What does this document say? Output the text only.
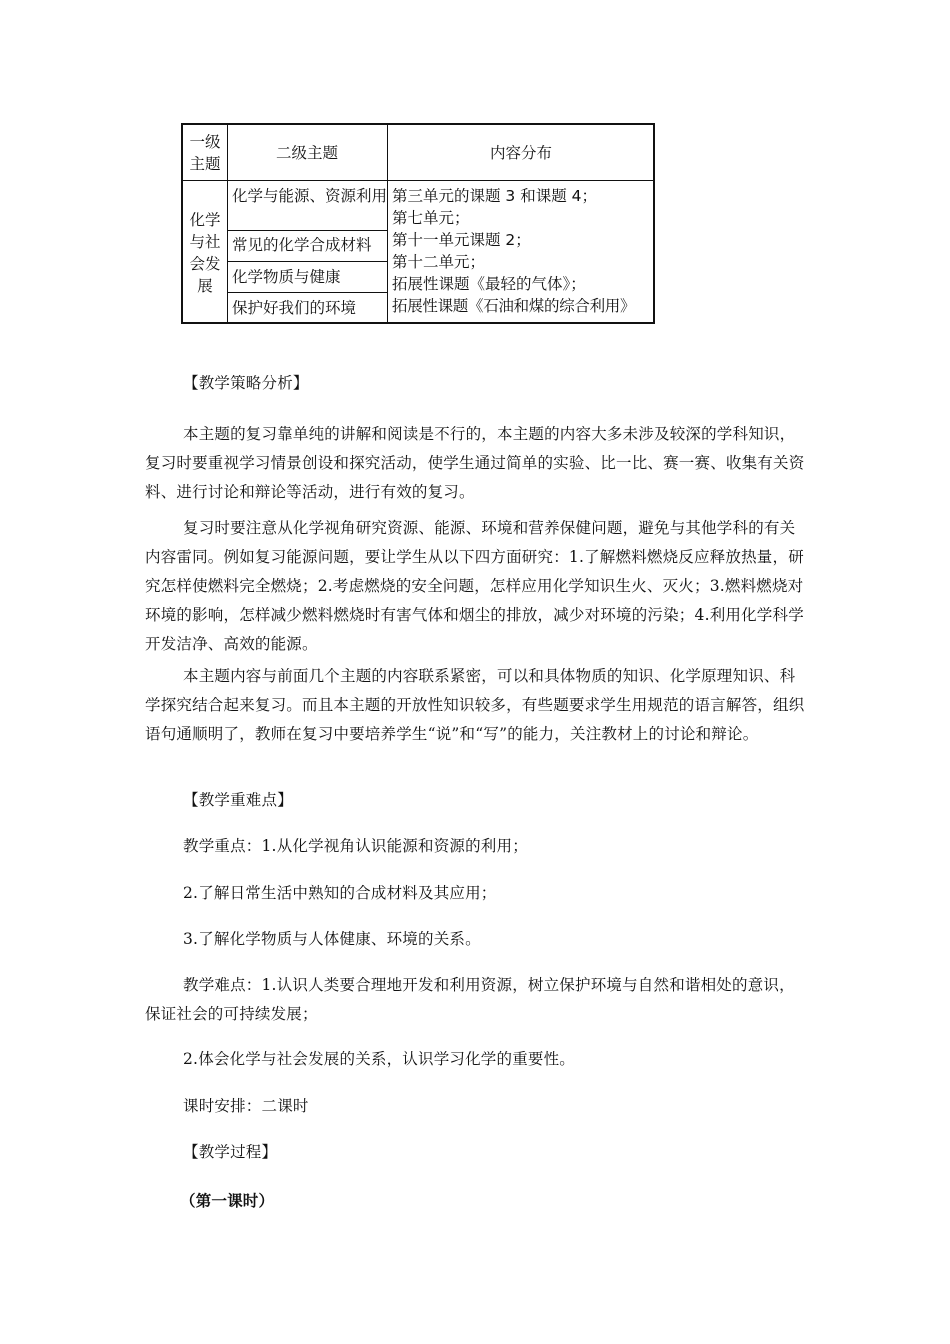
一级
主题
二级主题	内容分布
化学
与社
会发
展
化学与能源、资源利用
常见的化学合成材料
化学物质与健康
保护好我们的环境
第三单元的课题 3 和课题 4；
第七单元；
第十一单元课题 2；
第十二单元；
拓展性课题《最轻的气体》；
拓展性课题《石油和煤的综合利用》
【教学策略分析】
本主题的复习靠单纯的讲解和阅读是不行的，本主题的内容大多未涉及较深的学科知识，复习时要重视学习情景创设和探究活动，使学生通过简单的实验、比一比、赛一赛、收集有关资料、进行讨论和辩论等活动，进行有效的复习。
复习时要注意从化学视角研究资源、能源、环境和营养保健问题，避免与其他学科的有关内容雷同。例如复习能源问题，要让学生从以下四方面研究：1.了解燃料燃烧反应释放热量，研究怎样使燃料完全燃烧；2.考虑燃烧的安全问题，怎样应用化学知识生火、灭火；3.燃料燃烧对环境的影响，怎样减少燃料燃烧时有害气体和烟尘的排放，减少对环境的污染；4.利用化学科学开发洁净、高效的能源。
本主题内容与前面几个主题的内容联系紧密，可以和具体物质的知识、化学原理知识、科学探究结合起来复习。而且本主题的开放性知识较多，有些题要求学生用规范的语言解答，组织语句通顺明了，教师在复习中要培养学生“说”和“写”的能力，关注教材上的讨论和辩论。
【教学重难点】
教学重点：1.从化学视角认识能源和资源的利用；
2.了解日常生活中熟知的合成材料及其应用；
3.了解化学物质与人体健康、环境的关系。
教学难点：1.认识人类要合理地开发和利用资源，树立保护环境与自然和谐相处的意识，保证社会的可持续发展；
2.体会化学与社会发展的关系，认识学习化学的重要性。
课时安排：二课时
【教学过程】
（第一课时）
